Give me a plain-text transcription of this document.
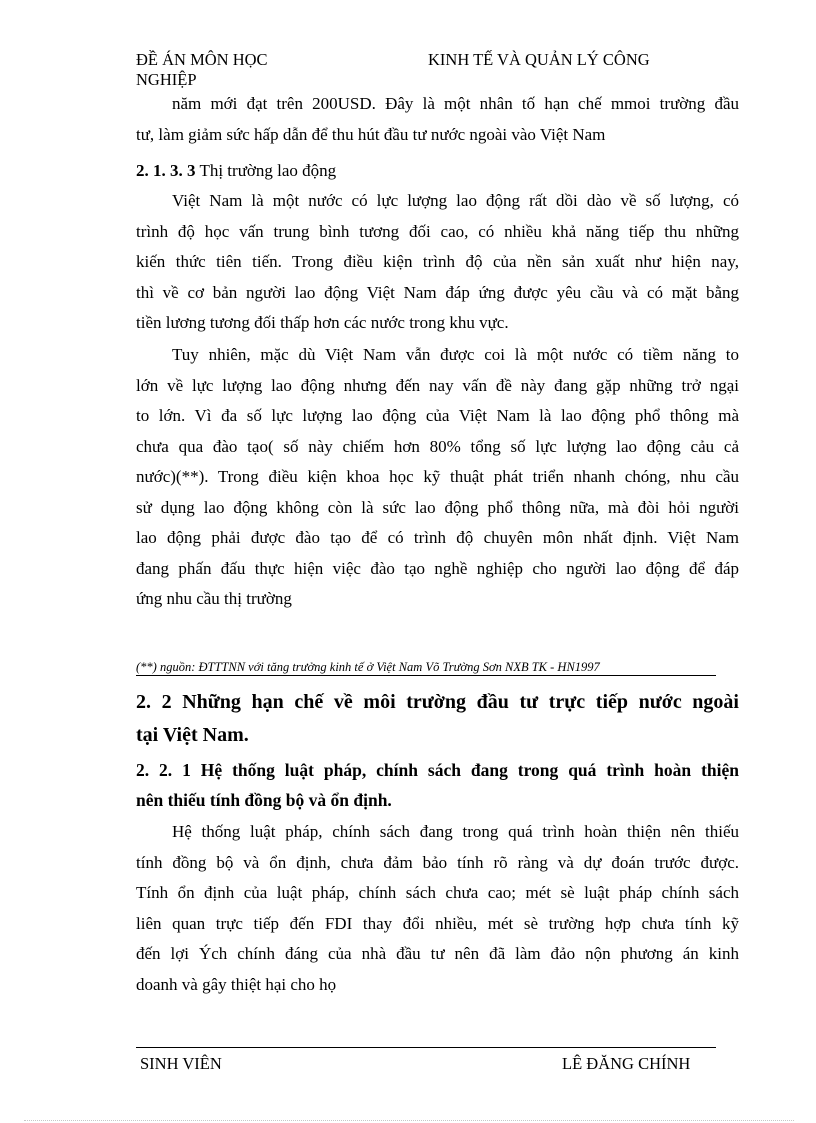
ĐỀ ÁN MÔN HỌC	KINH TẾ VÀ QUẢN LÝ CÔNG
NGHIỆP
năm mới đạt trên 200USD. Đây là một nhân tố hạn chế mmoi trường đầu
tư, làm giảm sức hấp dẫn để thu hút đầu tư nước ngoài vào Việt Nam
2. 1. 3. 3 Thị trường lao động
Việt Nam là một nước có lực lượng lao động rất dồi dào về số lượng, có
trình độ học vấn trung bình tương đối cao, có nhiều khả năng tiếp thu những
kiến thức tiên tiến. Trong điều kiện trình độ của nền sản xuất như hiện nay,
thì về cơ bản người lao động Việt Nam đáp ứng được yêu cầu và có mặt bằng
tiền lương tương đối thấp hơn các nước trong khu vực.
Tuy nhiên, mặc dù Việt Nam vẫn được coi là một nước có tiềm năng to
lớn về lực lượng lao động nhưng đến nay vấn đề này đang gặp những trở ngại
to lớn. Vì đa số lực lượng lao động của Việt Nam là lao động phổ thông mà
chưa qua đào tạo( số này chiếm hơn 80% tổng số lực lượng lao động cảu cả
nước)(**). Trong điều kiện khoa học kỹ thuật phát triển nhanh chóng, nhu cầu
sử dụng lao động không còn là sức lao động phổ thông nữa, mà đòi hỏi người
lao động phải được đào tạo để có trình độ chuyên môn nhất định. Việt Nam
đang phấn đấu thực hiện việc đào tạo nghề nghiệp cho người lao động để đáp
ứng nhu cầu thị trường
(**) nguồn: ĐTTTNN với tăng trưởng kinh tế ở Việt Nam Võ Trường Sơn NXB TK - HN1997
2. 2 Những hạn chế về môi trường đầu tư trực tiếp nước ngoài
tại Việt Nam.
2. 2. 1 Hệ thống luật pháp, chính sách đang trong quá trình hoàn thiện
nên thiếu tính đồng bộ và ổn định.
Hệ thống luật pháp, chính sách đang trong quá trình hoàn thiện nên thiếu
tính đồng bộ và ổn định, chưa đảm bảo tính rõ ràng và dự đoán trước được.
Tính ổn định của luật pháp, chính sách chưa cao; mét sè luật pháp chính sách
liên quan trực tiếp đến FDI thay đổi nhiều, mét sè trường hợp chưa tính kỹ
đến lợi Ých chính đáng của nhà đầu tư nên đã làm đảo nộn phương án kinh
doanh và gây thiệt hại cho họ
SINH VIÊN	LÊ ĐĂNG CHÍNH
